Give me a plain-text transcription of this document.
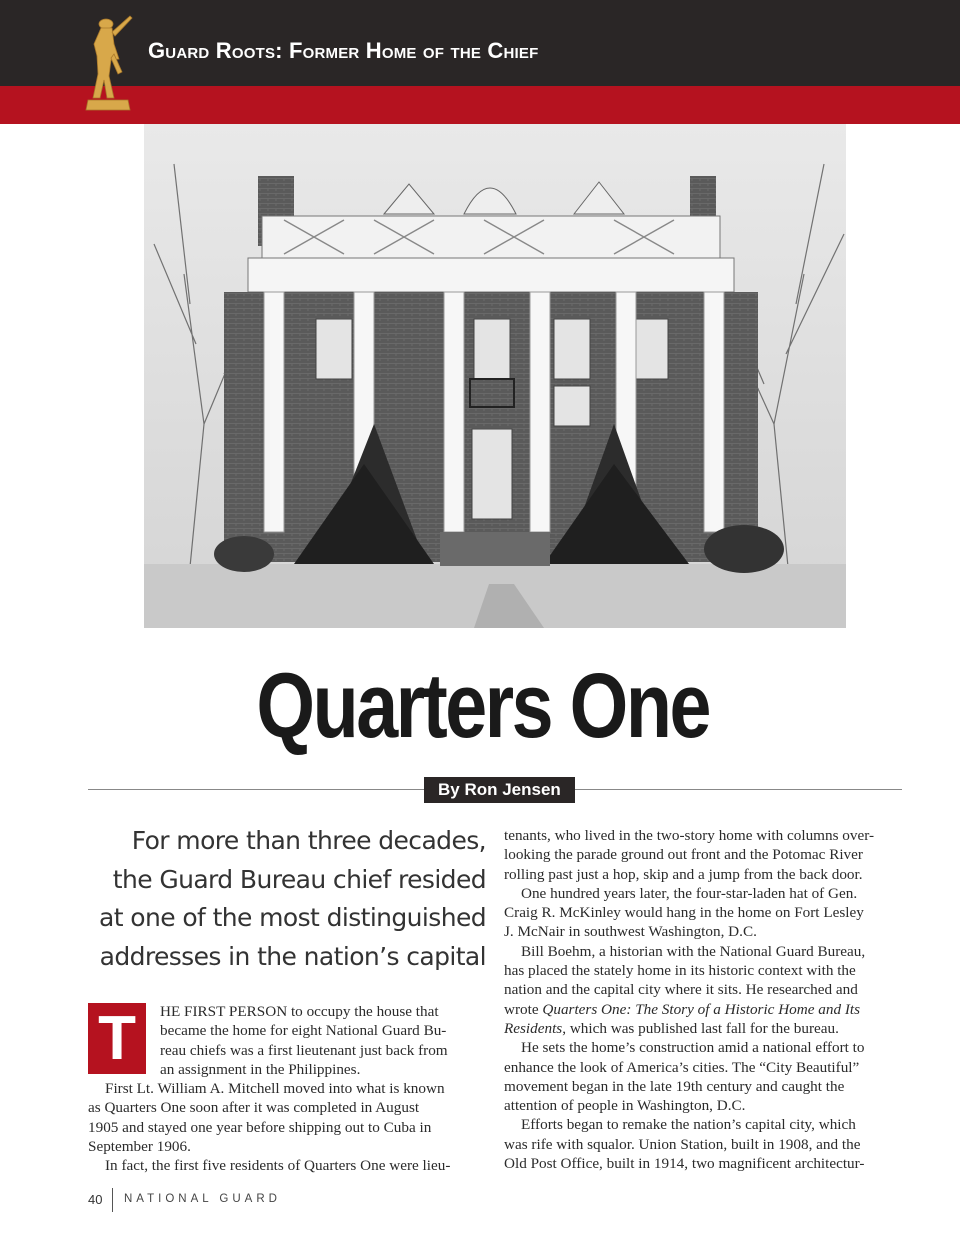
Guard Roots: Former Home of the Chief
Quarters One
By Ron Jensen
For more than three decades,
the Guard Bureau chief resided
at one of the most distinguished
addresses in the nation’s capital
T	HE FIRST PERSON to occupy the house that
became the home for eight National Guard Bu-
reau chiefs was a first lieutenant just back from
an assignment in the Philippines.
First Lt. William A. Mitchell moved into what is known
as Quarters One soon after it was completed in August
1905 and stayed one year before shipping out to Cuba in
September 1906.
In fact, the first five residents of Quarters One were lieu-
tenants, who lived in the two-story home with columns over-
looking the parade ground out front and the Potomac River
rolling past just a hop, skip and a jump from the back door.
One hundred years later, the four-star-laden hat of Gen.
Craig R. McKinley would hang in the home on Fort Lesley
J. McNair in southwest Washington, D.C.
Bill Boehm, a historian with the National Guard Bureau,
has placed the stately home in its historic context with the
nation and the capital city where it sits. He researched and
wrote Quarters One: The Story of a Historic Home and Its
Residents, which was published last fall for the bureau.
He sets the home’s construction amid a national effort to
enhance the look of America’s cities. The “City Beautiful”
movement began in the late 19th century and caught the
attention of people in Washington, D.C.
Efforts began to remake the nation’s capital city, which
was rife with squalor. Union Station, built in 1908, and the
Old Post Office, built in 1914, two magnificent architectur-
40 NATIONAL GUARD
